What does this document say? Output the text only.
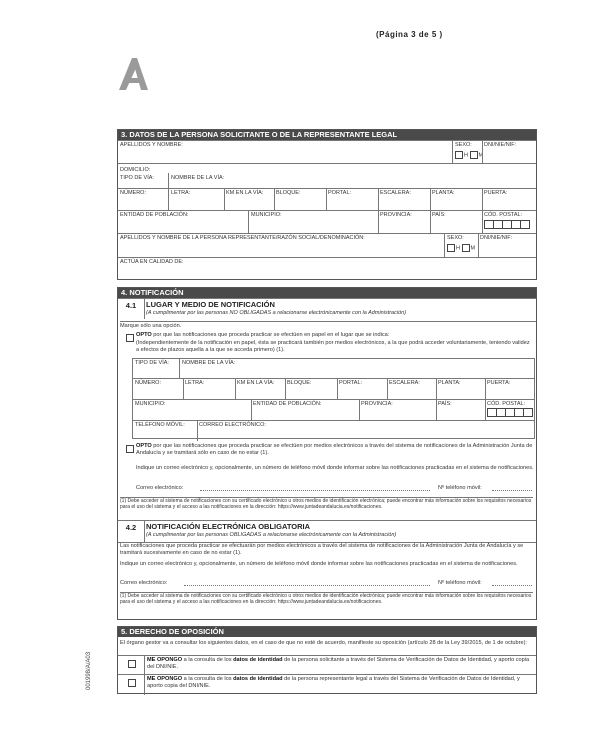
(Página 3 de 5 )
001998/A/A03
3. DATOS DE LA PERSONA SOLICITANTE O DE LA REPRESENTANTE LEGAL
APELLIDOS Y NOMBRE:	SEXO:
H M
DNI/NIE/NIF:
DOMICILIO:
TIPO DE VÍA:	NOMBRE DE LA VÍA:
NÚMERO:	LETRA:	KM EN LA VÍA: BLOQUE:	PORTAL:	ESCALERA:	PLANTA:	PUERTA:
ENTIDAD DE POBLACIÓN:	MUNICIPIO:	PROVINCIA:	PAÍS:	CÓD. POSTAL:
APELLIDOS Y NOMBRE DE LA PERSONA REPRESENTANTE/RAZÓN SOCIAL/DENOMINACIÓN:	SEXO:
H M
DNI/NIE/NIF:
ACTÚA EN CALIDAD DE:
4. NOTIFICACIÓN
4.1	LUGAR Y MEDIO DE NOTIFICACIÓN
(A cumplimentar por las personas NO OBLIGADAS a relacionarse electrónicamente con la Administración)
Marque sólo una opción.
OPTO por que las notificaciones que proceda practicar se efectúen en papel en el lugar que se indica:
(Independientemente de la notificación en papel, ésta se practicará también por medios electrónicos, a la que podrá acceder voluntariamente, teniendo validez a efectos de plazos aquella a la que se acceda primero) (1).
TIPO DE VÍA: NOMBRE DE LA VÍA:
NÚMERO:	LETRA:	KM EN LA VÍA: BLOQUE:	PORTAL:	ESCALERA:	PLANTA:	PUERTA:
MUNICIPIO:	ENTIDAD DE POBLACIÓN:	PROVINCIA:	PAÍS:	CÓD. POSTAL:
TELÉFONO MÓVIL:	CORREO ELECTRÓNICO:
OPTO por que las notificaciones que proceda practicar se efectúen por medios electrónicos a través del sistema de notificaciones de la Administración Junta de Andalucía y se tramitará sólo en caso de no estar (1).
Indique un correo electrónico y, opcionalmente, un número de teléfono móvil donde informar sobre las notificaciones practicadas en el sistema de notificaciones.
Correo electrónico:	Nº teléfono móvil:
(1) Debe acceder al sistema de notificaciones con su certificado electrónico u otros medios de identificación electrónica; puede encontrar más información sobre los requisitos necesarios para el uso del sistema y el acceso a las notificaciones en la dirección: https://www.juntadeandalucia.es/notificaciones.
4.2	NOTIFICACIÓN ELECTRÓNICA OBLIGATORIA
(A cumplimentar por las personas OBLIGADAS a relacionarse electrónicamente con la Administración)
Las notificaciones que proceda practicar se efectuarán por medios electrónicos a través del sistema de notificaciones de la Administración Junta de Andalucía y se tramitará sucesivamente en caso de no estar (1).
Indique un correo electrónico y, opcionalmente, un número de teléfono móvil donde informar sobre las notificaciones practicadas en el sistema de notificaciones.
Correo electrónico:	Nº teléfono móvil:
(1) Debe acceder al sistema de notificaciones con su certificado electrónico u otros medios de identificación electrónica; puede encontrar más información sobre los requisitos necesarios para el uso del sistema y el acceso a las notificaciones en la dirección: https://www.juntadeandalucia.es/notificaciones.
5. DERECHO DE OPOSICIÓN
El órgano gestor va a consultar los siguientes datos, en el caso de que no esté de acuerdo, manifieste su oposición (artículo 28 de la Ley 39/2015, de 1 de octubre):
ME OPONGO a la consulta de los datos de identidad de la persona solicitante a través del Sistema de Verificación de Datos de Identidad, y aporto copia del DNI/NIE.
ME OPONGO a la consulta de los datos de identidad de la persona representante legal a través del Sistema de Verificación de Datos de Identidad, y aporto copia del DNI/NIE.
